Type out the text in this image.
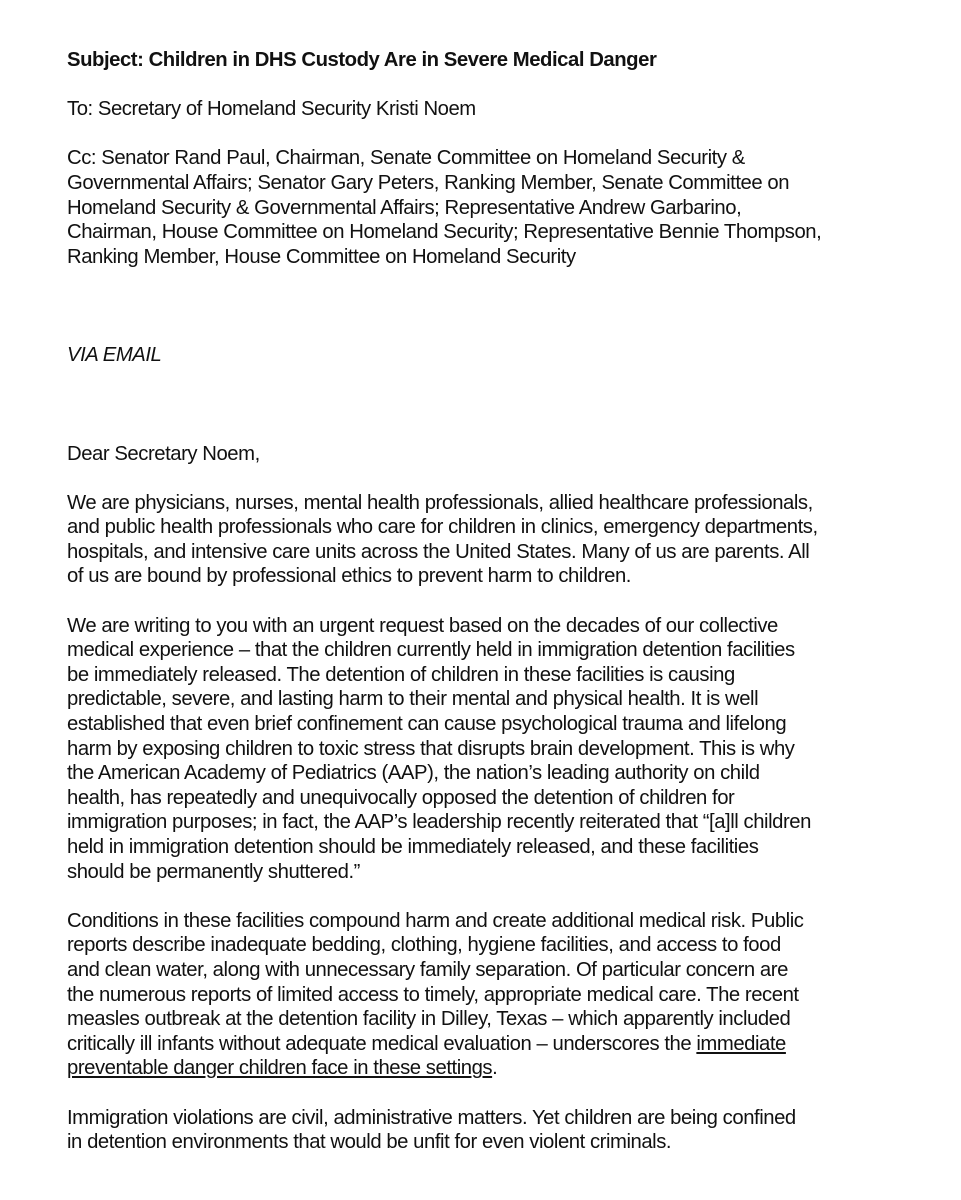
Subject: Children in DHS Custody Are in Severe Medical Danger

To: Secretary of Homeland Security Kristi Noem

Cc: Senator Rand Paul, Chairman, Senate Committee on Homeland Security &
Governmental Affairs; Senator Gary Peters, Ranking Member, Senate Committee on
Homeland Security & Governmental Affairs; Representative Andrew Garbarino,
Chairman, House Committee on Homeland Security; Representative Bennie Thompson,
Ranking Member, House Committee on Homeland Security

VIA EMAIL

Dear Secretary Noem,

We are physicians, nurses, mental health professionals, allied healthcare professionals,
and public health professionals who care for children in clinics, emergency departments,
hospitals, and intensive care units across the United States. Many of us are parents. All
of us are bound by professional ethics to prevent harm to children.

We are writing to you with an urgent request based on the decades of our collective
medical experience – that the children currently held in immigration detention facilities
be immediately released. The detention of children in these facilities is causing
predictable, severe, and lasting harm to their mental and physical health. It is well
established that even brief confinement can cause psychological trauma and lifelong
harm by exposing children to toxic stress that disrupts brain development. This is why
the American Academy of Pediatrics (AAP), the nation’s leading authority on child
health, has repeatedly and unequivocally opposed the detention of children for
immigration purposes; in fact, the AAP’s leadership recently reiterated that “[a]ll children
held in immigration detention should be immediately released, and these facilities
should be permanently shuttered.”

Conditions in these facilities compound harm and create additional medical risk. Public
reports describe inadequate bedding, clothing, hygiene facilities, and access to food
and clean water, along with unnecessary family separation. Of particular concern are
the numerous reports of limited access to timely, appropriate medical care. The recent
measles outbreak at the detention facility in Dilley, Texas – which apparently included
critically ill infants without adequate medical evaluation – underscores the immediate
preventable danger children face in these settings.

Immigration violations are civil, administrative matters. Yet children are being confined
in detention environments that would be unfit for even violent criminals.
